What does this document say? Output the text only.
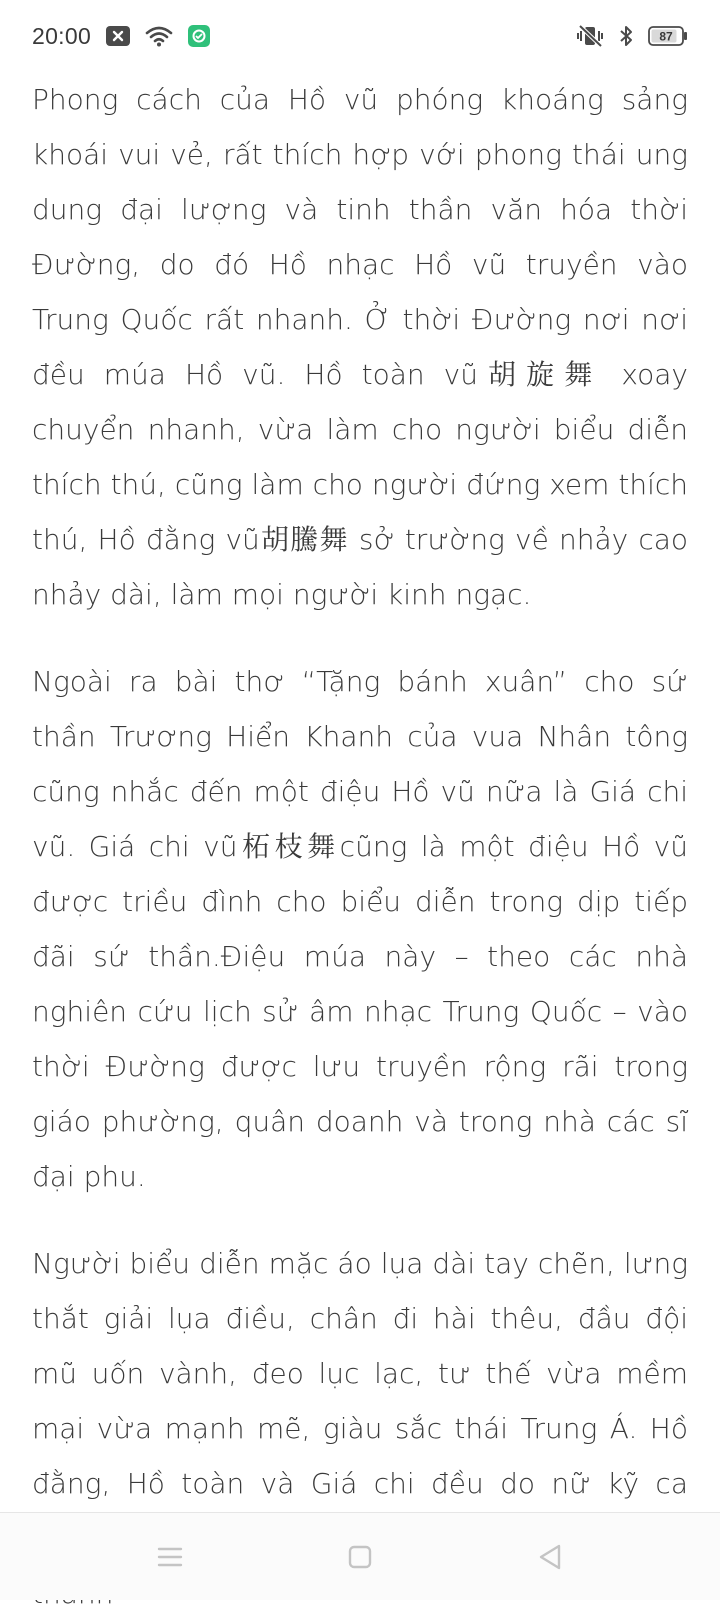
20:00	87

Phong cách của Hồ vũ phóng khoáng sảng khoái vui vẻ, rất thích hợp với phong thái ung dung đại lượng và tinh thần văn hóa thời Đường, do đó Hồ nhạc Hồ vũ truyền vào Trung Quốc rất nhanh. Ở thời Đường nơi nơi đều múa Hồ vũ. Hồ toàn vũ胡旋舞 xoay chuyển nhanh, vừa làm cho người biểu diễn thích thú, cũng làm cho người đứng xem thích thú, Hồ đằng vũ胡騰舞 sở trường về nhảy cao nhảy dài, làm mọi người kinh ngạc.

Ngoài ra bài thơ “Tặng bánh xuân” cho sứ thần Trương Hiển Khanh của vua Nhân tông cũng nhắc đến một điệu Hồ vũ nữa là Giá chi vũ. Giá chi vũ柘枝舞cũng là một điệu Hồ vũ được triều đình cho biểu diễn trong dịp tiếp đãi sứ thần.Điệu múa này – theo các nhà nghiên cứu lịch sử âm nhạc Trung Quốc – vào thời Đường được lưu truyền rộng rãi trong giáo phường, quân doanh và trong nhà các sĩ đại phu.

Người biểu diễn mặc áo lụa dài tay chẽn, lưng thắt giải lụa điều, chân đi hài thêu, đầu đội mũ uốn vành, đeo lục lạc, tư thế vừa mềm mại vừa mạnh mẽ, giàu sắc thái Trung Á. Hồ đằng, Hồ toàn và Giá chi đều do nữ kỹ ca
